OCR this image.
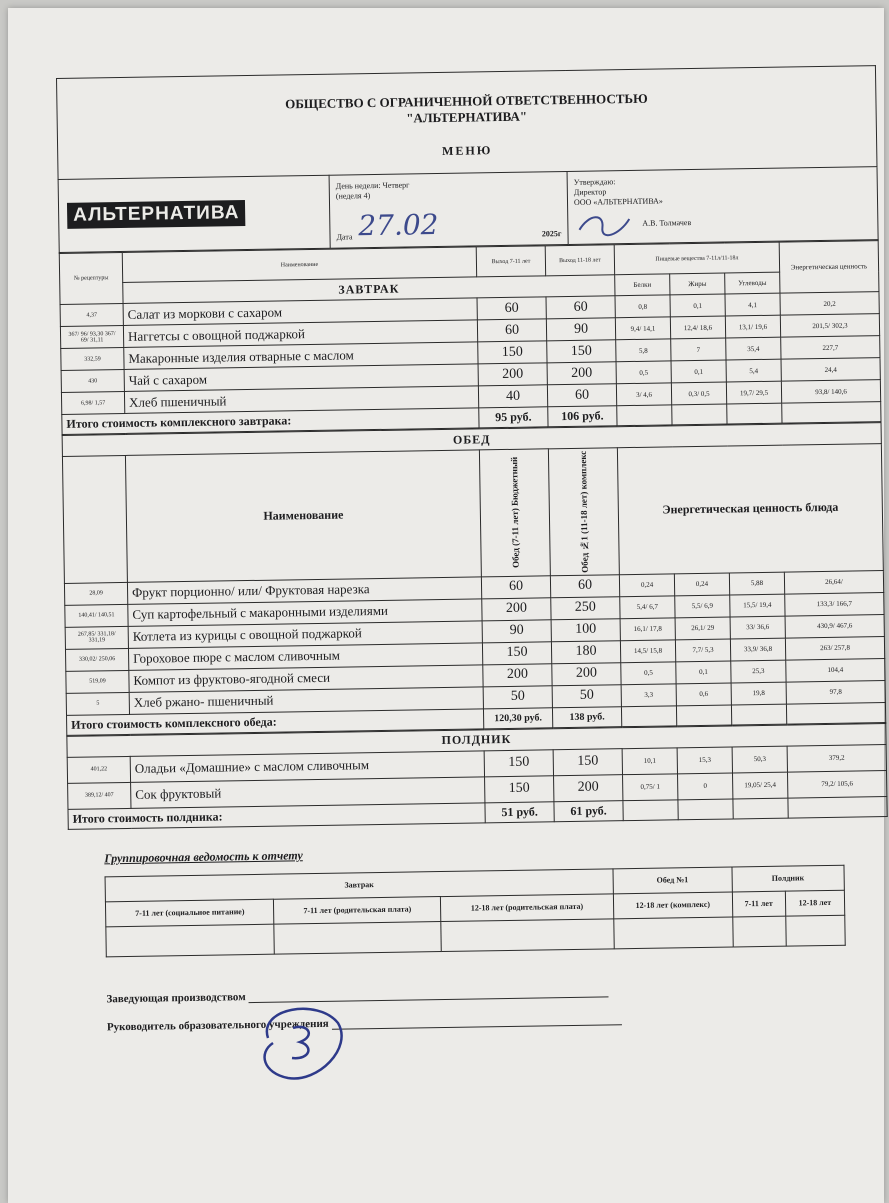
ОБЩЕСТВО С ОГРАНИЧЕННОЙ ОТВЕТСТВЕННОСТЬЮ
"АЛЬТЕРНАТИВА"
МЕНЮ

АЛЬТЕРНАТИВА

День недели: Четверг
(неделя 4)
Дата 27.02	2025г

Утверждаю:
Директор
ООО «АЛЬТЕРНАТИВА»
А.В. Толмачев
№ рецептуры	Наименование	Выход 7-11 лет	Выход 11-18 лет	Пищевые вещества 7-11л/11-18л			Энергетическая ценность
	ЗАВТРАК			Белки	Жиры	Углеводы	
4,37	Салат из моркови с сахаром	60	60	0,8	0,1	4,1	20,2
367/ 96/ 93,30 367/ 69/ 31,11	Наггетсы с овощной поджаркой	60	90	9,4/ 14,1	12,4/ 18,6	13,1/ 19,6	201,5/ 302,3
332,59	Макаронные изделия отварные с маслом	150	150	5,8	7	35,4	227,7
430	Чай с сахаром	200	200	0,5	0,1	5,4	24,4
6,98/ 1,57	Хлеб пшеничный	40	60	3/ 4,6	0,3/ 0,5	19,7/ 29,5	93,8/ 140,6
Итого стоимость комплексного завтрака:		95 руб.	106 руб.				
ОБЕД							
	Наименование	Обед (7-11 лет) Бюджетный	Обед №1 (11-18 лет) комплекс	Энергетическая ценность блюда			
28,09	Фрукт порционно/ или/ Фруктовая нарезка	60	60	0,24	0,24	5,88	26,64/
140,41/ 140,51	Суп картофельный с макаронными изделиями	200	250	5,4/ 6,7	5,5/ 6,9	15,5/ 19,4	133,3/ 166,7
267,85/ 331,18/ 331,19	Котлета из курицы с овощной поджаркой	90	100	16,1/ 17,8	26,1/ 29	33/ 36,6	430,9/ 467,6
330,02/ 250,06	Гороховое пюре с маслом сливочным	150	180	14,5/ 15,8	7,7/ 5,3	33,9/ 36,8	263/ 257,8
519,09	Компот из фруктово-ягодной смеси	200	200	0,5	0,1	25,3	104,4
5	Хлеб ржано- пшеничный	50	50	3,3	0,6	19,8	97,8
Итого стоимость комплексного обеда:		120,30 руб.	138 руб.				
ПОЛДНИК							
401,22	Оладьи «Домашние» с маслом сливочным	150	150	10,1	15,3	50,3	379,2
389,12/ 407	Сок фруктовый	150	200	0,75/ 1	0	19,05/ 25,4	79,2/ 105,6
Итого стоимость полдника:		51 руб.	61 руб.				
Группировочная ведомость к отчету
Завтрак			Обед №1	Полдник	
7-11 лет (социальное питание)	7-11 лет (родительская плата)	12-18 лет (родительская плата)	12-18 лет (комплекс)	7-11 лет	12-18 лет

Заведующая производством
Руководитель образовательного учреждения
